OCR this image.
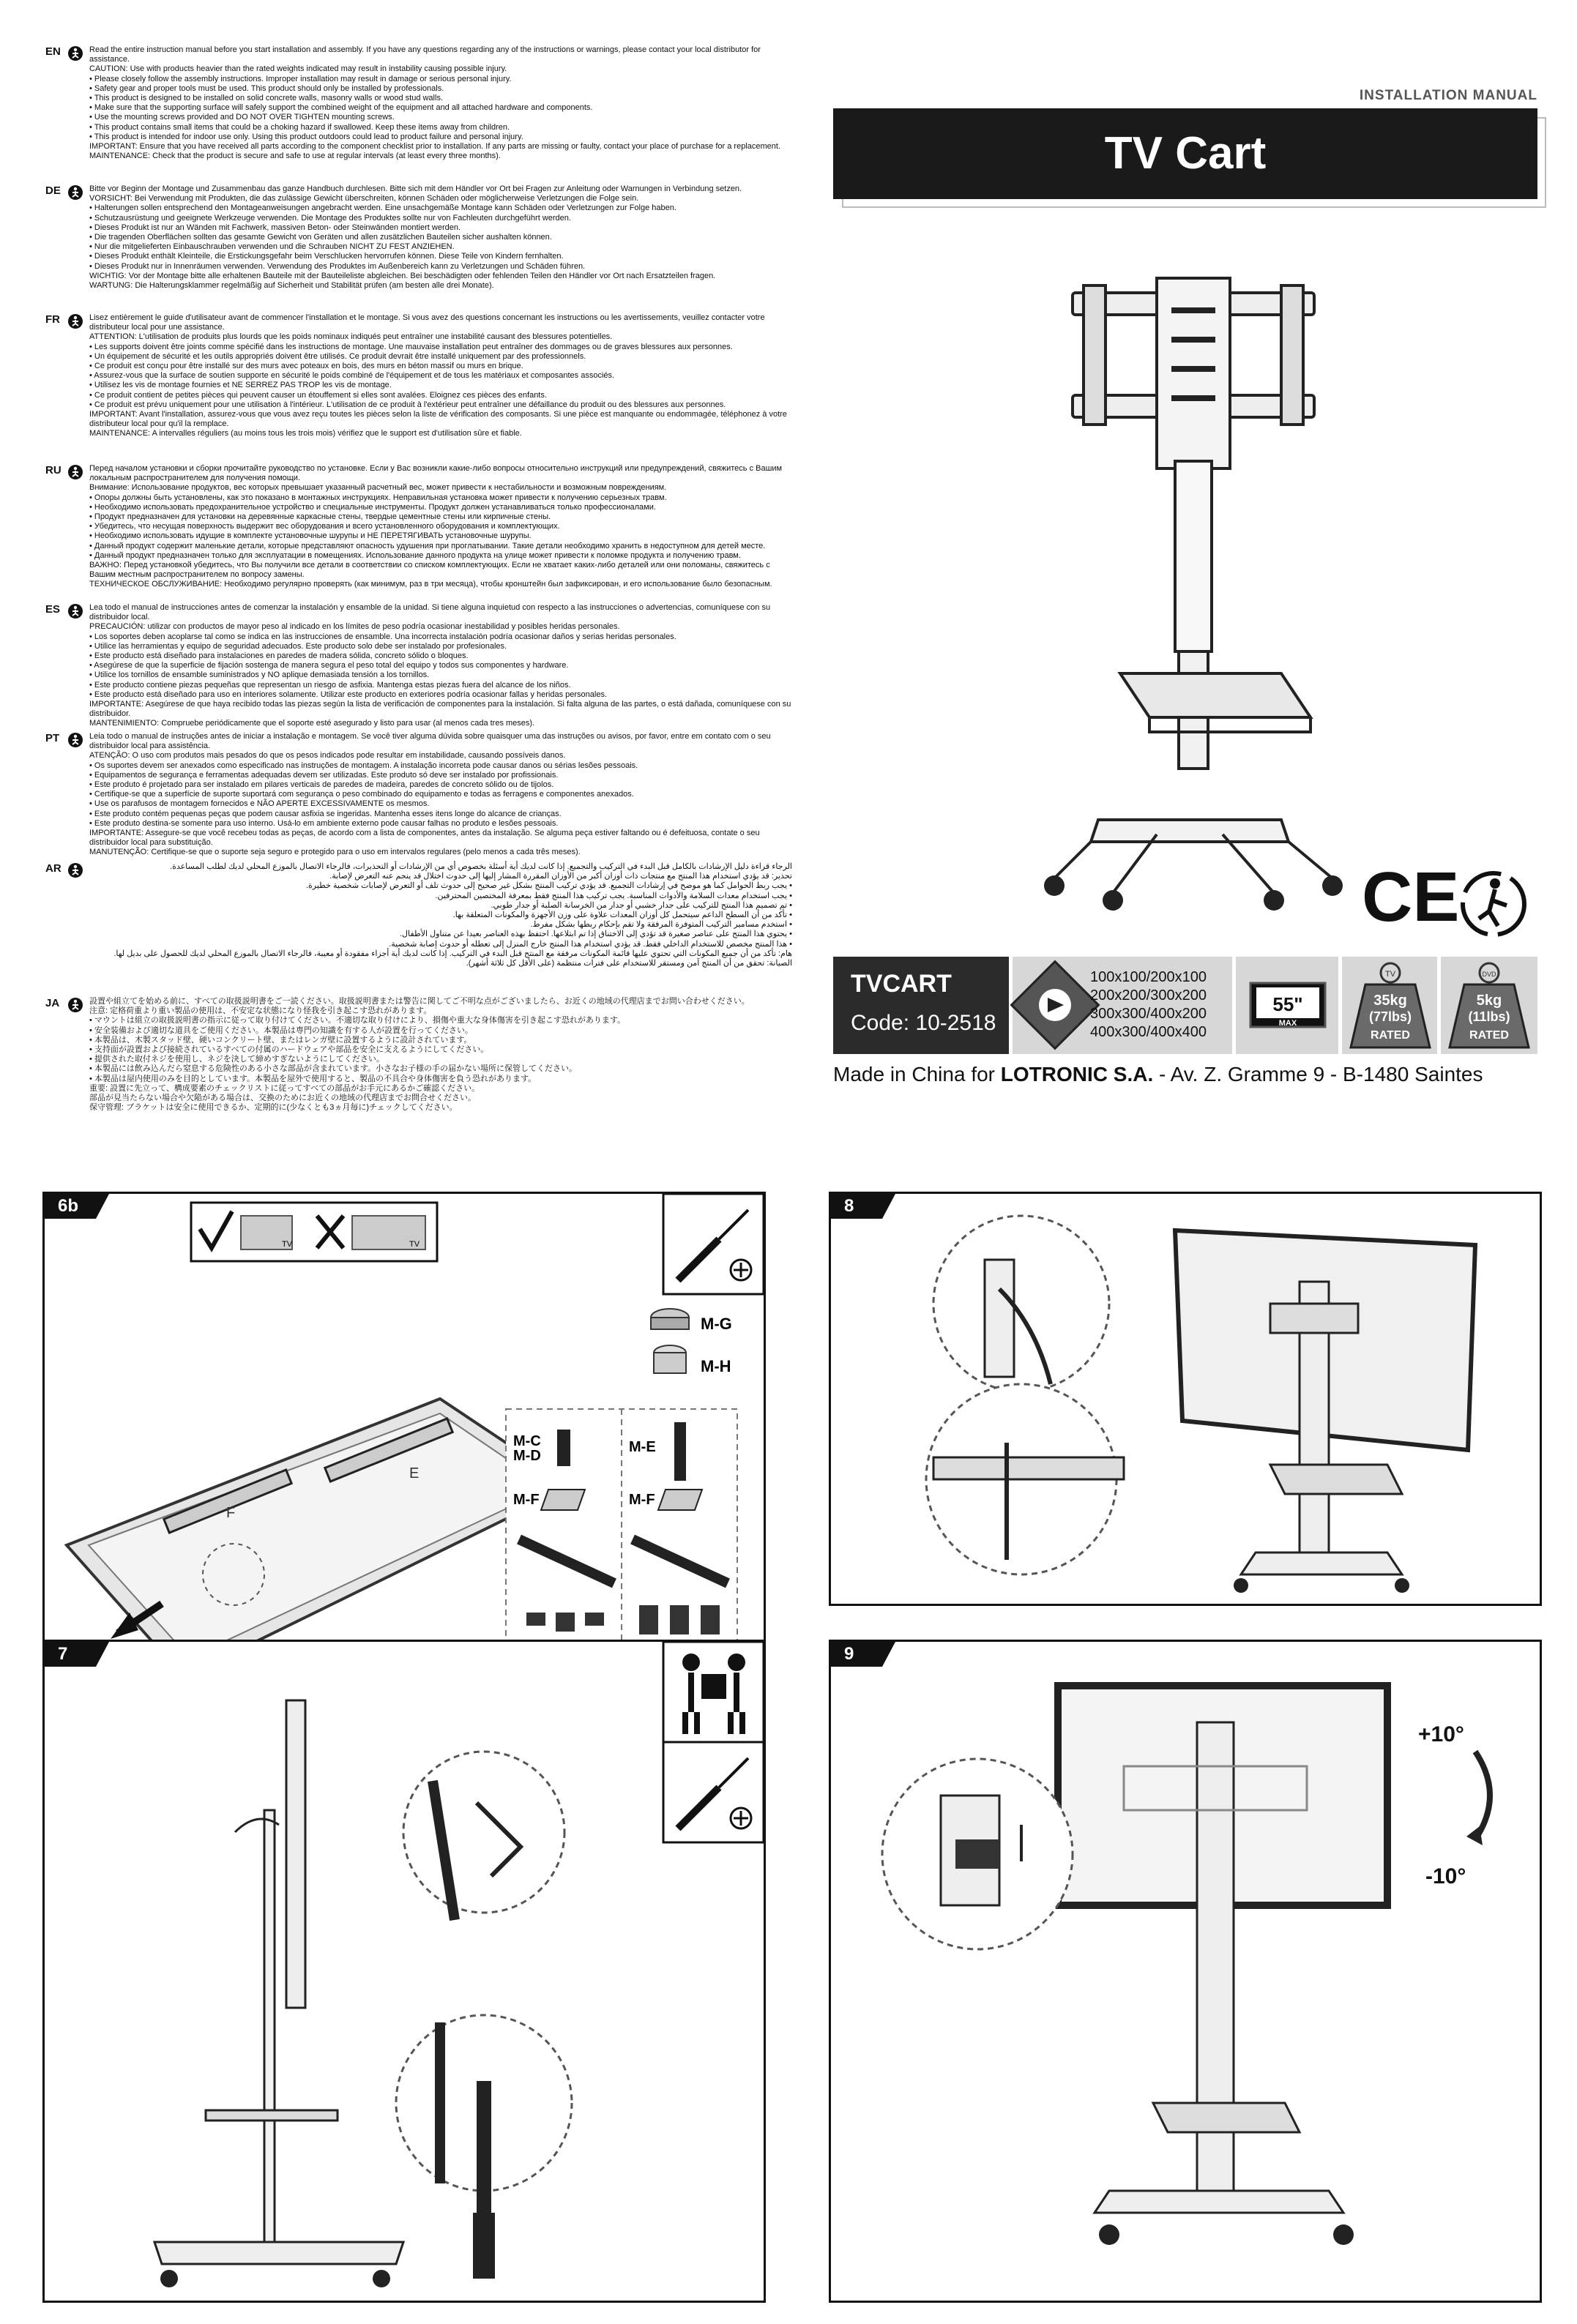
EN	Read the entire instruction manual before you start installation and assembly. If you have any questions regarding any of the instructions or warnings, please contact your local distributor for assistance.

CAUTION: Use with products heavier than the rated weights indicated may result in instability causing possible injury.

• Please closely follow the assembly instructions. Improper installation may result in damage or serious personal injury.

• Safety gear and proper tools must be used. This product should only be installed by professionals.

• This product is designed to be installed on solid concrete walls, masonry walls or wood stud walls.

• Make sure that the supporting surface will safely support the combined weight of the equipment and all attached hardware and components.

• Use the mounting screws provided and DO NOT OVER TIGHTEN mounting screws.

• This product contains small items that could be a choking hazard if swallowed. Keep these items away from children.

• This product is intended for indoor use only. Using this product outdoors could lead to product failure and personal injury.

IMPORTANT: Ensure that you have received all parts according to the component checklist prior to installation. If any parts are missing or faulty, contact your place of purchase for a replacement.

MAINTENANCE: Check that the product is secure and safe to use at regular intervals (at least every three months).

DE	Bitte vor Beginn der Montage und Zusammenbau das ganze Handbuch durchlesen. Bitte sich mit dem Händler vor Ort bei Fragen zur Anleitung oder Warnungen in Verbindung setzen.

VORSICHT: Bei Verwendung mit Produkten, die das zulässige Gewicht überschreiten, können Schäden oder möglicherweise Verletzungen die Folge sein.

• Halterungen sollen entsprechend den Montageanweisungen angebracht werden. Eine unsachgemäße Montage kann Schäden oder Verletzungen zur Folge haben.

• Schutzausrüstung und geeignete Werkzeuge verwenden. Die Montage des Produktes sollte nur von Fachleuten durchgeführt werden.

• Dieses Produkt ist nur an Wänden mit Fachwerk, massiven Beton- oder Steinwänden montiert werden.

• Die tragenden Oberflächen sollten das gesamte Gewicht von Geräten und allen zusätzlichen Bauteilen sicher aushalten können.

• Nur die mitgelieferten Einbauschrauben verwenden und die Schrauben NICHT ZU FEST ANZIEHEN.

• Dieses Produkt enthält Kleinteile, die Erstickungsgefahr beim Verschlucken hervorrufen können. Diese Teile von Kindern fernhalten.

• Dieses Produkt nur in Innenräumen verwenden. Verwendung des Produktes im Außenbereich kann zu Verletzungen und Schäden führen.

WICHTIG: Vor der Montage bitte alle erhaltenen Bauteile mit der Bauteileliste abgleichen. Bei beschädigten oder fehlenden Teilen den Händler vor Ort nach Ersatzteilen fragen.

WARTUNG: Die Halterungsklammer regelmäßig auf Sicherheit und Stabilität prüfen (am besten alle drei Monate).

FR	Lisez entièrement le guide d'utilisateur avant de commencer l'installation et le montage. Si vous avez des questions concernant les instructions ou les avertissements, veuillez contacter votre distributeur local pour une assistance.

ATTENTION: L'utilisation de produits plus lourds que les poids nominaux indiqués peut entraîner une instabilité causant des blessures potentielles.

• Les supports doivent être joints comme spécifié dans les instructions de montage. Une mauvaise installation peut entraîner des dommages ou de graves blessures aux personnes.

• Un équipement de sécurité et les outils appropriés doivent être utilisés. Ce produit devrait être installé uniquement par des professionnels.

• Ce produit est conçu pour être installé sur des murs avec poteaux en bois, des murs en béton massif ou murs en brique.

• Assurez-vous que la surface de soutien supporte en sécurité le poids combiné de l'équipement et de tous les matériaux et composantes associés.

• Utilisez les vis de montage fournies et NE SERREZ PAS TROP les vis de montage.

• Ce produit contient de petites pièces qui peuvent causer un étouffement si elles sont avalées. Eloignez ces pièces des enfants.

• Ce produit est prévu uniquement pour une utilisation à l'intérieur. L'utilisation de ce produit à l'extérieur peut entraîner une défaillance du produit ou des blessures aux personnes.

IMPORTANT: Avant l'installation, assurez-vous que vous avez reçu toutes les pièces selon la liste de vérification des composants. Si une pièce est manquante ou endommagée, téléphonez à votre distributeur local pour qu'il la remplace.

MAINTENANCE: A intervalles réguliers (au moins tous les trois mois) vérifiez que le support est d'utilisation sûre et fiable.

RU	Перед началом установки и сборки прочитайте руководство по установке. Если у Вас возникли какие-либо вопросы относительно инструкций или предупреждений, свяжитесь с Вашим локальным распространителем для получения помощи.

Внимание: Использование продуктов, вес которых превышает указанный расчетный вес, может привести к нестабильности и возможным повреждениям.

• Опоры должны быть установлены, как это показано в монтажных инструкциях. Неправильная установка может привести к получению серьезных травм.

• Необходимо использовать предохранительное устройство и специальные инструменты. Продукт должен устанавливаться только профессионалами.

• Продукт предназначен для установки на деревянные каркасные стены, твердые цементные стены или кирпичные стены.

• Убедитесь, что несущая поверхность выдержит вес оборудования и всего установленного оборудования и комплектующих.

• Необходимо использовать идущие в комплекте установочные шурупы и НЕ ПЕРЕТЯГИВАТЬ установочные шурупы.

• Данный продукт содержит маленькие детали, которые представляют опасность удушения при проглатывании. Такие детали необходимо хранить в недоступном для детей месте.

• Данный продукт предназначен только для эксплуатации в помещениях. Использование данного продукта на улице может привести к поломке продукта и получению травм.

ВАЖНО: Перед установкой убедитесь, что Вы получили все детали в соответствии со списком комплектующих. Если не хватает каких-либо деталей или они поломаны, свяжитесь с Вашим местным распространителем по вопросу замены.

ТЕХНИЧЕСКОЕ ОБСЛУЖИВАНИЕ: Необходимо регулярно проверять (как минимум, раз в три месяца), чтобы кронштейн был зафиксирован, и его использование было безопасным.

ES	Lea todo el manual de instrucciones antes de comenzar la instalación y ensamble de la unidad. Si tiene alguna inquietud con respecto a las instrucciones o advertencias, comuníquese con su distribuidor local.

PRECAUCIÓN: utilizar con productos de mayor peso al indicado en los límites de peso podría ocasionar inestabilidad y posibles heridas personales.

• Los soportes deben acoplarse tal como se indica en las instrucciones de ensamble. Una incorrecta instalación podría ocasionar daños y serias heridas personales.

• Utilice las herramientas y equipo de seguridad adecuados. Este producto solo debe ser instalado por profesionales.

• Este producto está diseñado para instalaciones en paredes de madera sólida, concreto sólido o bloques.

• Asegúrese de que la superficie de fijación sostenga de manera segura el peso total del equipo y todos sus componentes y hardware.

• Utilice los tornillos de ensamble suministrados y NO aplique demasiada tensión a los tornillos.

• Este producto contiene piezas pequeñas que representan un riesgo de asfixia. Mantenga estas piezas fuera del alcance de los niños.

• Este producto está diseñado para uso en interiores solamente. Utilizar este producto en exteriores podría ocasionar fallas y heridas personales.

IMPORTANTE: Asegúrese de que haya recibido todas las piezas según la lista de verificación de componentes para la instalación. Si falta alguna de las partes, o está dañada, comuníquese con su distribuidor.

MANTENIMIENTO: Compruebe periódicamente que el soporte esté asegurado y listo para usar (al menos cada tres meses).

PT	Leia todo o manual de instruções antes de iniciar a instalação e montagem. Se você tiver alguma dúvida sobre quaisquer uma das instruções ou avisos, por favor, entre em contato com o seu distribuidor local para assistência.

ATENÇÃO: O uso com produtos mais pesados do que os pesos indicados pode resultar em instabilidade, causando possíveis danos.

• Os suportes devem ser anexados como especificado nas instruções de montagem. A instalação incorreta pode causar danos ou sérias lesões pessoais.

• Equipamentos de segurança e ferramentas adequadas devem ser utilizadas. Este produto só deve ser instalado por profissionais.

• Este produto é projetado para ser instalado em pilares verticais de paredes de madeira, paredes de concreto sólido ou de tijolos.

• Certifique-se que a superfície de suporte suportará com segurança o peso combinado do equipamento e todas as ferragens e componentes anexados.

• Use os parafusos de montagem fornecidos e NÃO APERTE EXCESSIVAMENTE os mesmos.

• Este produto contém pequenas peças que podem causar asfixia se ingeridas. Mantenha esses itens longe do alcance de crianças.

• Este produto destina-se somente para uso interno. Usá-lo em ambiente externo pode causar falhas no produto e lesões pessoais.

IMPORTANTE: Assegure-se que você recebeu todas as peças, de acordo com a lista de componentes, antes da instalação. Se alguma peça estiver faltando ou é defeituosa, contate o seu distribuidor local para substituição.

MANUTENÇÃO: Certifique-se que o suporte seja seguro e protegido para o uso em intervalos regulares (pelo menos a cada três meses).

AR	الرجاء قراءة دليل الإرشادات بالكامل قبل البدء في التركيب والتجميع. إذا كانت لديك أية أسئلة بخصوص أي من الإرشادات أو التحذيرات، فالرجاء الاتصال بالموزع المحلي لديك لطلب المساعدة.

تحذير: قد يؤدي استخدام هذا المنتج مع منتجات ذات أوزان أكبر من الأوزان المقررة المشار إليها إلى حدوث اختلال قد ينجم عنه التعرض لإصابة.

• يجب ربط الحوامل كما هو موضح في إرشادات التجميع. قد يؤدي تركيب المنتج بشكل غير صحيح إلى حدوث تلف أو التعرض لإصابات شخصية خطيرة.

• يجب استخدام معدات السلامة والأدوات المناسبة. يجب تركيب هذا المنتج فقط بمعرفة المختصين المحترفين.

• تم تصميم هذا المنتج للتركيب على جدار خشبي أو جدار من الخرسانة الصلبة أو جدار طوبي.

• تأكد من أن السطح الداعم سيتحمل كل أوزان المعدات علاوة على وزن الأجهزة والمكونات المتعلقة بها.

• استخدم مسامير التركيب المتوفرة المرفقة ولا تقم بإحكام ربطها بشكل مفرط.

• يحتوي هذا المنتج على عناصر صغيرة قد تؤدي إلى الاختناق إذا تم ابتلاعها. احتفظ بهذه العناصر بعيدا عن متناول الأطفال.

• هذا المنتج مخصص للاستخدام الداخلي فقط. قد يؤدي استخدام هذا المنتج خارج المنزل إلى تعطله أو حدوث إصابة شخصية.

هام: تأكد من أن جميع المكونات التي تحتوي عليها قائمة المكونات مرفقة مع المنتج قبل البدء في التركيب. إذا كانت لديك أية أجزاء مفقودة أو معيبة، فالرجاء الاتصال بالموزع المحلي لديك للحصول على بديل لها.

الصيانة: تحقق من أن المنتج آمن ومستقر للاستخدام على فترات منتظمة (على الأقل كل ثلاثة أشهر).

JA	設置や組立てを始める前に、すべての取扱説明書をご一読ください。取扱説明書または警告に関してご不明な点がございましたら、お近くの地域の代理店までお問い合わせください。

注意: 定格荷重より重い製品の使用は、不安定な状態になり怪我を引き起こす恐れがあります。

• マウントは組立の取扱説明書の指示に従って取り付けてください。不適切な取り付けにより、損傷や重大な身体傷害を引き起こす恐れがあります。

• 安全装備および適切な道具をご使用ください。本製品は専門の知識を有する人が設置を行ってください。

• 本製品は、木製スタッド壁、硬いコンクリート壁、またはレンガ壁に設置するように設計されています。

• 支持面が設置および接続されているすべての付属のハードウェアや部品を安全に支えるようにしてください。

• 提供された取付ネジを使用し、ネジを決して締めすぎないようにしてください。

• 本製品には飲み込んだら窒息する危険性のある小さな部品が含まれています。小さなお子様の手の届かない場所に保管してください。

• 本製品は屋内使用のみを目的としています。本製品を屋外で使用すると、製品の不具合や身体傷害を負う恐れがあります。

重要: 設置に先立って、構成要素のチェックリストに従ってすべての部品がお手元にあるかご確認ください。

部品が見当たらない場合や欠陥がある場合は、交換のためにお近くの地域の代理店までお問合せください。

保守管理: ブラケットは安全に使用できるか、定期的に(少なくとも3ヵ月毎に)チェックしてください。

INSTALLATION MANUAL
TV Cart
CE
TVCART
Code: 10-2518
100x100/200x100
200x200/300x200
300x300/400x200
400x300/400x400
55"
MAX
TV
35kg
(77lbs)
RATED
DVD
5kg
(11lbs)
RATED
Made in China for LOTRONIC S.A. - Av. Z. Gramme 9 - B-1480 Saintes
6b
TV	TV
F
E
M-G
M-H
M-C
M-D
M-F
M-E
M-F
7
8
9
+10°
-10°
